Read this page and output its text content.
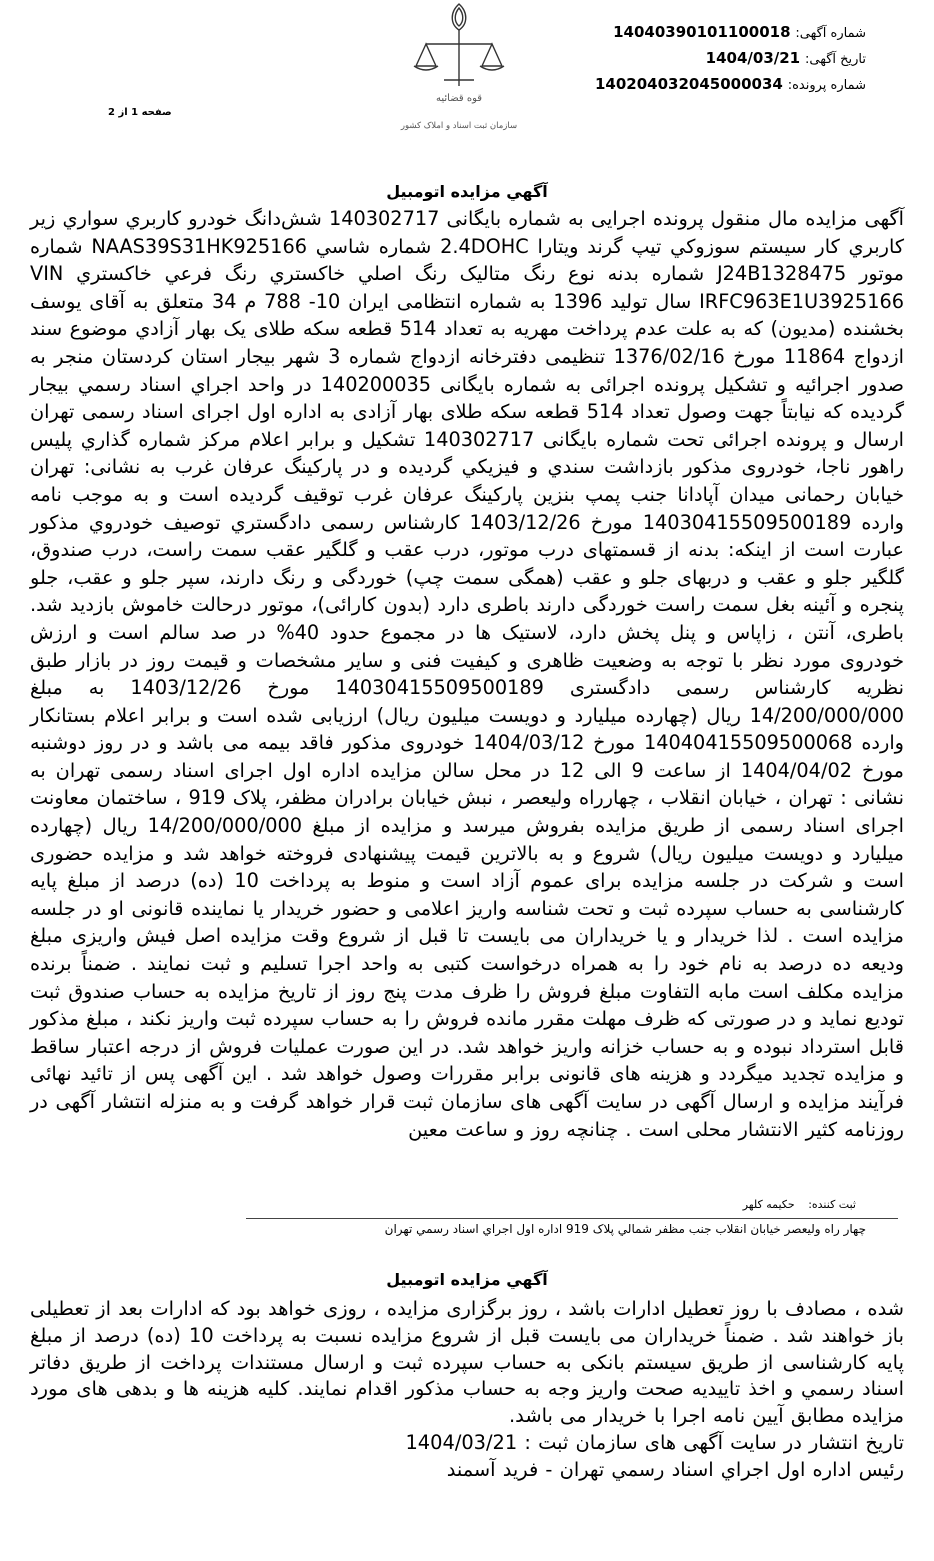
شماره آگهی: 14040390101100018
تاریخ آگهی: 1404/03/21
شماره پرونده: 140204032045000034
قوه قضائیه
سازمان ثبت اسناد و املاک کشور
صفحه 1 از 2
آگهي مزايده اتومبيل
آگهی مزایده مال منقول پرونده اجرایی به شماره بایگانی 140302717 شش‌دانگ خودرو كاربري سواري زير كاربري كار سيستم سوزوكي تيپ گرند ويتارا 2.4DOHC شماره شاسي NAAS39S31HK925166 شماره موتور J24B1328475 شماره بدنه نوع رنگ متاليک رنگ اصلي خاكستري رنگ فرعي خاكستري VIN IRFC963E1U3925166 سال توليد 1396 به شماره انتظامی ایران 10- 788 م 34 متعلق به آقای يوسف بخشنده (مديون) كه به علت عدم پرداخت مهريه به تعداد 514 قطعه سكه طلای يک بهار آزادي موضوع سند ازدواج 11864 مورخ 1376/02/16 تنظيمی دفترخانه ازدواج شماره 3 شهر بيجار استان كردستان منجر به صدور اجرائيه و تشكيل پرونده اجرائی به شماره بايگانی 140200035 در واحد اجراي اسناد رسمي بيجار گرديده كه نيابتاً جهت وصول تعداد 514 قطعه سكه طلای بهار آزادی به اداره اول اجرای اسناد رسمی تهران ارسال و پرونده اجرائی تحت شماره بايگانی 140302717 تشكيل و برابر اعلام مركز شماره گذاري پليس راهور ناجا، خودروی مذكور بازداشت سندي و فيزيكي گرديده و در پاركينگ عرفان غرب به نشانی: تهران خيابان رحمانی ميدان آپادانا جنب پمپ بنزين پاركينگ عرفان غرب توقيف گرديده است و به موجب نامه وارده 14030415509500189 مورخ 1403/12/26 كارشناس رسمی دادگستري توصيف خودروي مذكور عبارت است از اينكه: بدنه از قسمتهای درب موتور، درب عقب و گلگير عقب سمت راست، درب صندوق، گلگير جلو و عقب و دربهای جلو و عقب (همگی سمت چپ) خوردگی و رنگ دارند، سپر جلو و عقب، جلو پنجره و آئينه بغل سمت راست خوردگی دارند باطری دارد (بدون كارائی)، موتور درحالت خاموش بازديد شد. باطری، آنتن ، زاپاس و پنل پخش دارد، لاستيک ها در مجموع حدود 40% در صد سالم است و ارزش خودروی مورد نظر با توجه به وضعيت ظاهری و كيفيت فنی و ساير مشخصات و قيمت روز در بازار طبق نظريه كارشناس رسمی دادگستری 14030415509500189 مورخ 1403/12/26 به مبلغ 14/200/000/000 ريال (چهارده ميليارد و دويست ميليون ريال) ارزيابی شده است و برابر اعلام بستانكار وارده 14040415509500068 مورخ 1404/03/12 خودروی مذكور فاقد بيمه می باشد و در روز دوشنبه مورخ 1404/04/02 از ساعت 9 الی 12 در محل سالن مزايده اداره اول اجرای اسناد رسمی تهران به نشانی : تهران ، خيابان انقلاب ، چهارراه وليعصر ، نبش خيابان برادران مظفر، پلاک 919 ، ساختمان معاونت اجرای اسناد رسمی از طريق مزايده بفروش ميرسد و مزايده از مبلغ 14/200/000/000 ريال (چهارده ميليارد و دويست ميليون ريال) شروع و به بالاترين قيمت پيشنهادی فروخته خواهد شد و مزايده حضوری است و شركت در جلسه مزايده برای عموم آزاد است و منوط به پرداخت 10 (ده) درصد از مبلغ پايه كارشناسی به حساب سپرده ثبت و تحت شناسه واريز اعلامی و حضور خريدار يا نماينده قانونی او در جلسه مزايده است . لذا خريدار و يا خريداران می بايست تا قبل از شروع وقت مزايده اصل فيش واريزی مبلغ وديعه ده درصد به نام خود را به همراه درخواست كتبی به واحد اجرا تسليم و ثبت نمايند . ضمناً برنده مزايده مكلف است مابه التفاوت مبلغ فروش را ظرف مدت پنج روز از تاريخ مزايده به حساب صندوق ثبت توديع نمايد و در صورتی كه ظرف مهلت مقرر مانده فروش را به حساب سپرده ثبت واريز نكند ، مبلغ مذكور قابل استرداد نبوده و به حساب خزانه واريز خواهد شد. در اين صورت عمليات فروش از درجه اعتبار ساقط و مزايده تجديد ميگردد و هزينه های قانونی برابر مقررات وصول خواهد شد . اين آگهی پس از تائيد نهائی فرآيند مزايده و ارسال آگهی در سايت آگهی های سازمان ثبت قرار خواهد گرفت و به منزله انتشار آگهی در روزنامه كثير الانتشار محلی است . چنانچه روز و ساعت معين
ثبت كننده: حكيمه كلهر
چهار راه وليعصر خيابان انقلاب جنب مظفر شمالي پلاک 919 اداره اول اجراي اسناد رسمي تهران
آگهي مزايده اتومبيل
شده ، مصادف با روز تعطيل ادارات باشد ، روز برگزاری مزايده ، روزی خواهد بود كه ادارات بعد از تعطيلی باز خواهند شد . ضمناً خريداران می بايست قبل از شروع مزايده نسبت به پرداخت 10 (ده) درصد از مبلغ پايه كارشناسی از طريق سيستم بانكی به حساب سپرده ثبت و ارسال مستندات پرداخت از طريق دفاتر اسناد رسمي و اخذ تاييديه صحت واريز وجه به حساب مذكور اقدام نمايند. كليه هزينه ها و بدهی های مورد مزايده مطابق آيين نامه اجرا با خريدار می باشد.
تاريخ انتشار در سايت آگهی های سازمان ثبت : 1404/03/21
رئيس اداره اول اجراي اسناد رسمي تهران - فريد آسمند
